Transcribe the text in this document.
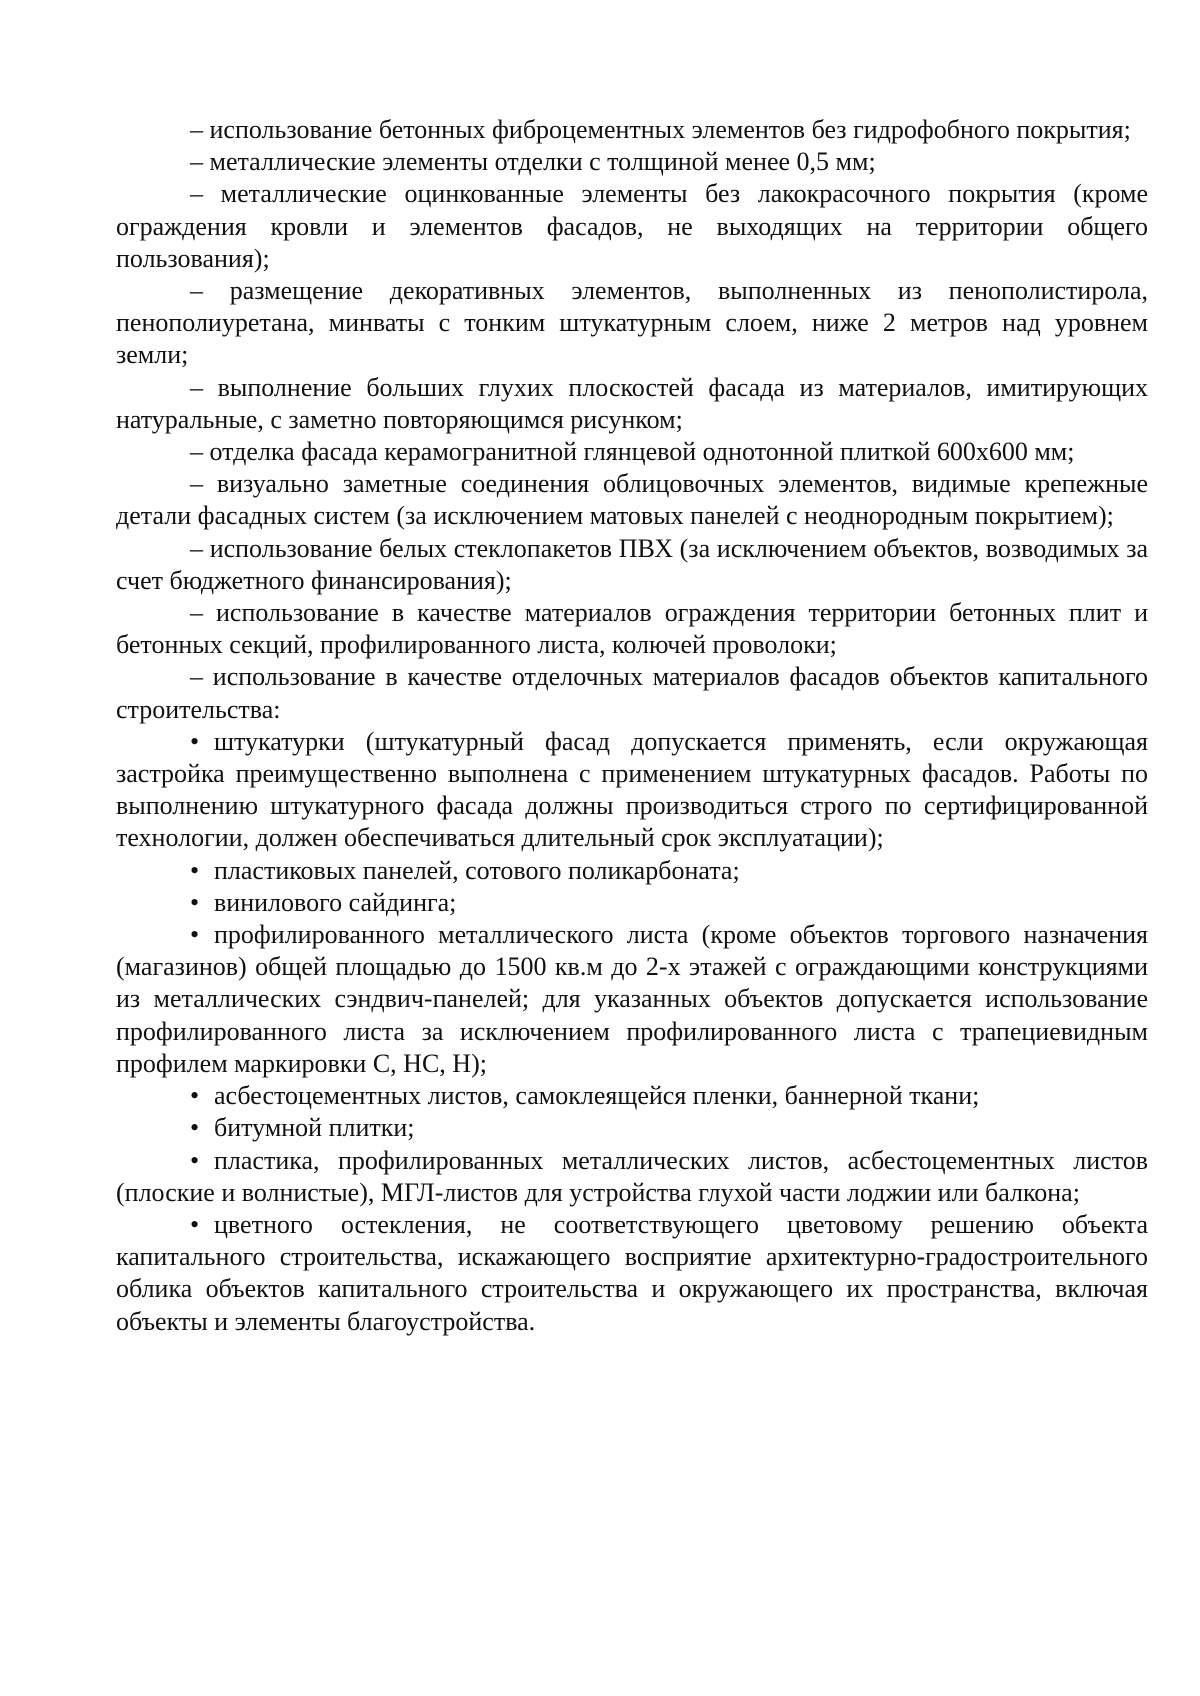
– использование бетонных фиброцементных элементов без гидрофобного покрытия;

– металлические элементы отделки с толщиной менее 0,5 мм;

– металлические оцинкованные элементы без лакокрасочного покрытия (кроме ограждения кровли и элементов фасадов, не выходящих на территории общего пользования);

– размещение декоративных элементов, выполненных из пенополистирола, пенополиуретана, минваты с тонким штукатурным слоем, ниже 2 метров над уровнем земли;

– выполнение больших глухих плоскостей фасада из материалов, имитирующих натуральные, с заметно повторяющимся рисунком;

– отделка фасада керамогранитной глянцевой однотонной плиткой 600х600 мм;

– визуально заметные соединения облицовочных элементов, видимые крепежные детали фасадных систем (за исключением матовых панелей с неоднородным покрытием);

– использование белых стеклопакетов ПВХ (за исключением объектов, возводимых за счет бюджетного финансирования);

– использование в качестве материалов ограждения территории бетонных плит и бетонных секций, профилированного листа, колючей проволоки;

– использование в качестве отделочных материалов фасадов объектов капитального строительства:

• штукатурки (штукатурный фасад допускается применять, если окружающая застройка преимущественно выполнена с применением штукатурных фасадов. Работы по выполнению штукатурного фасада должны производиться строго по сертифицированной технологии, должен обеспечиваться длительный срок эксплуатации);

• пластиковых панелей, сотового поликарбоната;

• винилового сайдинга;

• профилированного металлического листа (кроме объектов торгового назначения (магазинов) общей площадью до 1500 кв.м до 2-х этажей с ограждающими конструкциями из металлических сэндвич-панелей; для указанных объектов допускается использование профилированного листа за исключением профилированного листа с трапециевидным профилем маркировки С, НС, Н);

• асбестоцементных листов, самоклеящейся пленки, баннерной ткани;

• битумной плитки;

• пластика, профилированных металлических листов, асбестоцементных листов (плоские и волнистые), МГЛ-листов для устройства глухой части лоджии или балкона;

• цветного остекления, не соответствующего цветовому решению объекта капитального строительства, искажающего восприятие архитектурно-градостроительного облика объектов капитального строительства и окружающего их пространства, включая объекты и элементы благоустройства.
